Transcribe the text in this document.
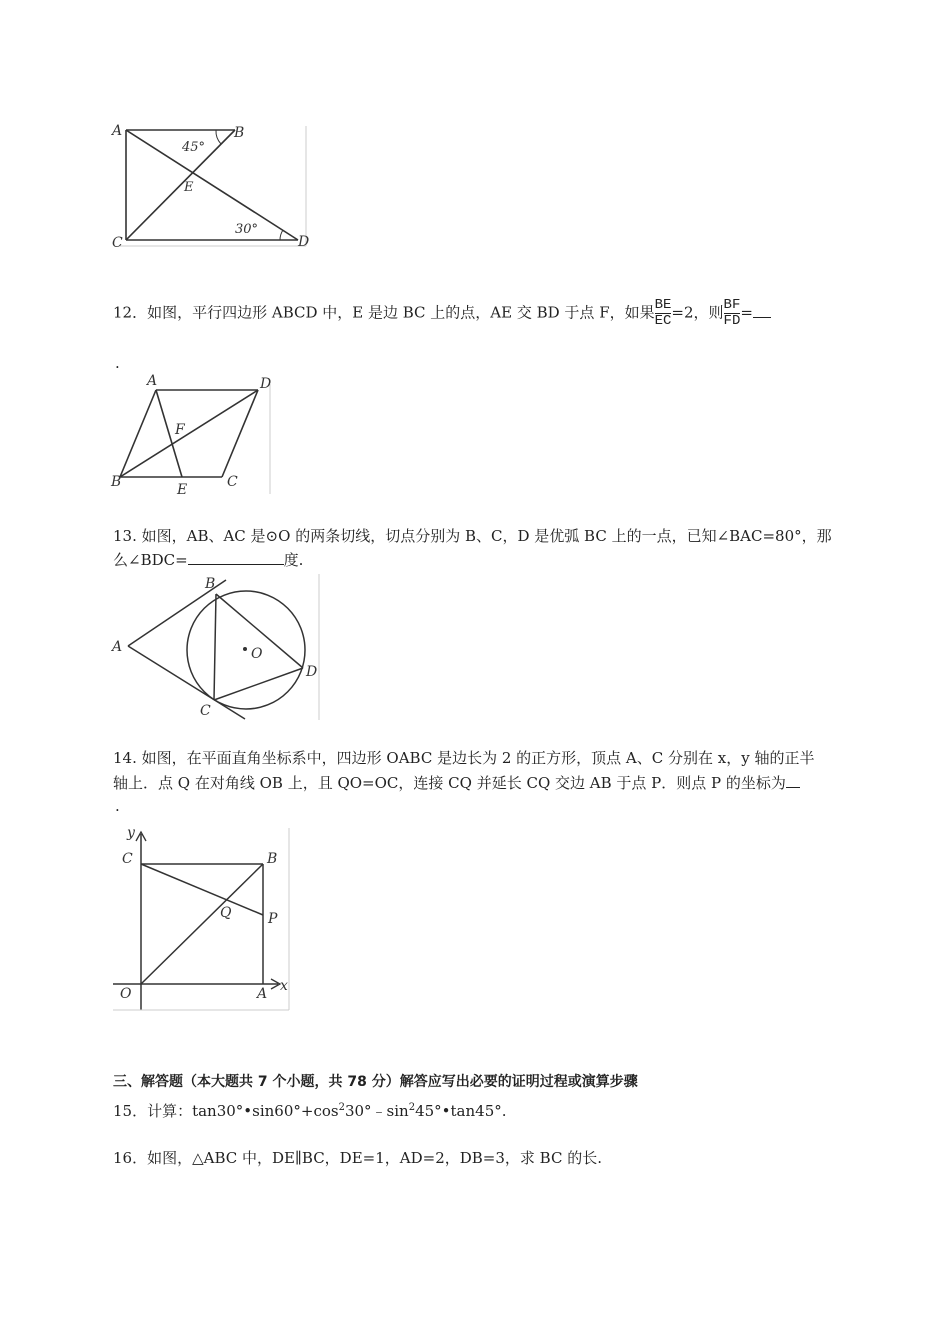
A	B
C	D
E
45°
30°
12．如图，平行四边形 ABCD 中，E 是边 BC 上的点，AE 交 BD 于点 F，如果 $\frac{BE}{EC} =2$，则 $\frac{BF}{FD}$ =
.
A	D
B	C
E
F
13. 如图，AB、AC 是⊙O 的两条切线，切点分别为 B、C，D 是优弧 BC 上的一点，已知∠BAC=80°，那
么∠BDC=	度.
A
B
C
D
O
14. 如图，在平面直角坐标系中，四边形 OABC 是边长为 2 的正方形，顶点 A、C 分别在 x，y 轴的正半
轴上．点 Q 在对角线 OB 上，且 QO=OC，连接 CQ 并延长 CQ 交边 AB 于点 P．则点 P 的坐标为
.
y
x
C	B
Q	P
O	A
三、解答题（本大题共 7 个小题，共 78 分）解答应写出必要的证明过程或演算步骤
15．计算：$\tan 30^\circ•\sin 60^\circ+\cos^230^\circ﹣\sin^245^\circ•\tan 45^\circ$.
16．如图，△ABC 中，DE∥BC，DE=1，AD=2，DB=3，求 BC 的长.
